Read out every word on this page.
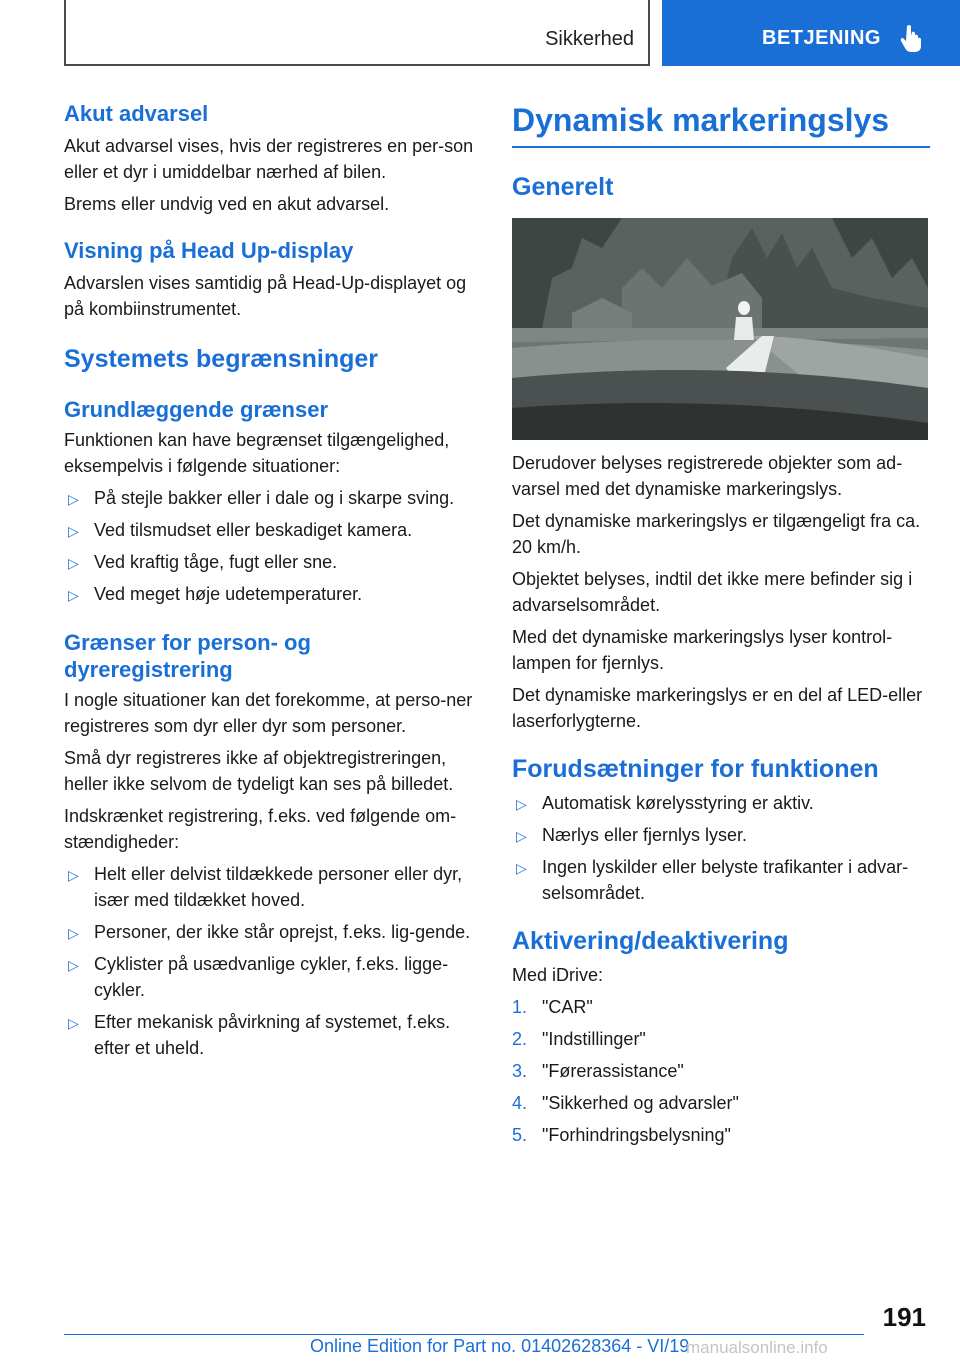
Sikkerhed	BETJENING
Akut advarsel

Akut advarsel vises, hvis der registreres en per-son eller et dyr i umiddelbar nærhed af bilen.

Brems eller undvig ved en akut advarsel.

Visning på Head Up-display

Advarslen vises samtidig på Head-Up-displayet og på kombiinstrumentet.

Systemets begrænsninger
Grundlæggende grænser

Funktionen kan have begrænset tilgængelighed, eksempelvis i følgende situationer:

▷ På stejle bakker eller i dale og i skarpe sving.
▷ Ved tilsmudset eller beskadiget kamera.
▷ Ved kraftig tåge, fugt eller sne.
▷ Ved meget høje udetemperaturer.
Grænser for person- og dyreregistrering

I nogle situationer kan det forekomme, at perso-ner registreres som dyr eller dyr som personer.

Små dyr registreres ikke af objektregistreringen, heller ikke selvom de tydeligt kan ses på billedet.

Indskrænket registrering, f.eks. ved følgende om-stændigheder:

▷ Helt eller delvist tildækkede personer eller dyr, især med tildækket hoved.
▷ Personer, der ikke står oprejst, f.eks. lig-gende.
▷ Cyklister på usædvanlige cykler, f.eks. ligge-cykler.
▷ Efter mekanisk påvirkning af systemet, f.eks. efter et uheld.
Dynamisk markeringslys
Generelt

Derudover belyses registrerede objekter som ad-varsel med det dynamiske markeringslys.

Det dynamiske markeringslys er tilgængeligt fra ca. 20 km/h.

Objektet belyses, indtil det ikke mere befinder sig i advarselsområdet.

Med det dynamiske markeringslys lyser kontrol-lampen for fjernlys.

Det dynamiske markeringslys er en del af LED-eller laserforlygterne.

Forudsætninger for funktionen
▷ Automatisk kørelysstyring er aktiv.
▷ Nærlys eller fjernlys lyser.
▷ Ingen lyskilder eller belyste trafikanter i advar-selsområdet.
Aktivering/deaktivering

Med iDrive:

1. "CAR"
2. "Indstillinger"
3. "Førerassistance"
4. "Sikkerhed og advarsler"
5. "Forhindringsbelysning"
191
Online Edition for Part no. 01402628364 - VI/19
manualsonline.info
